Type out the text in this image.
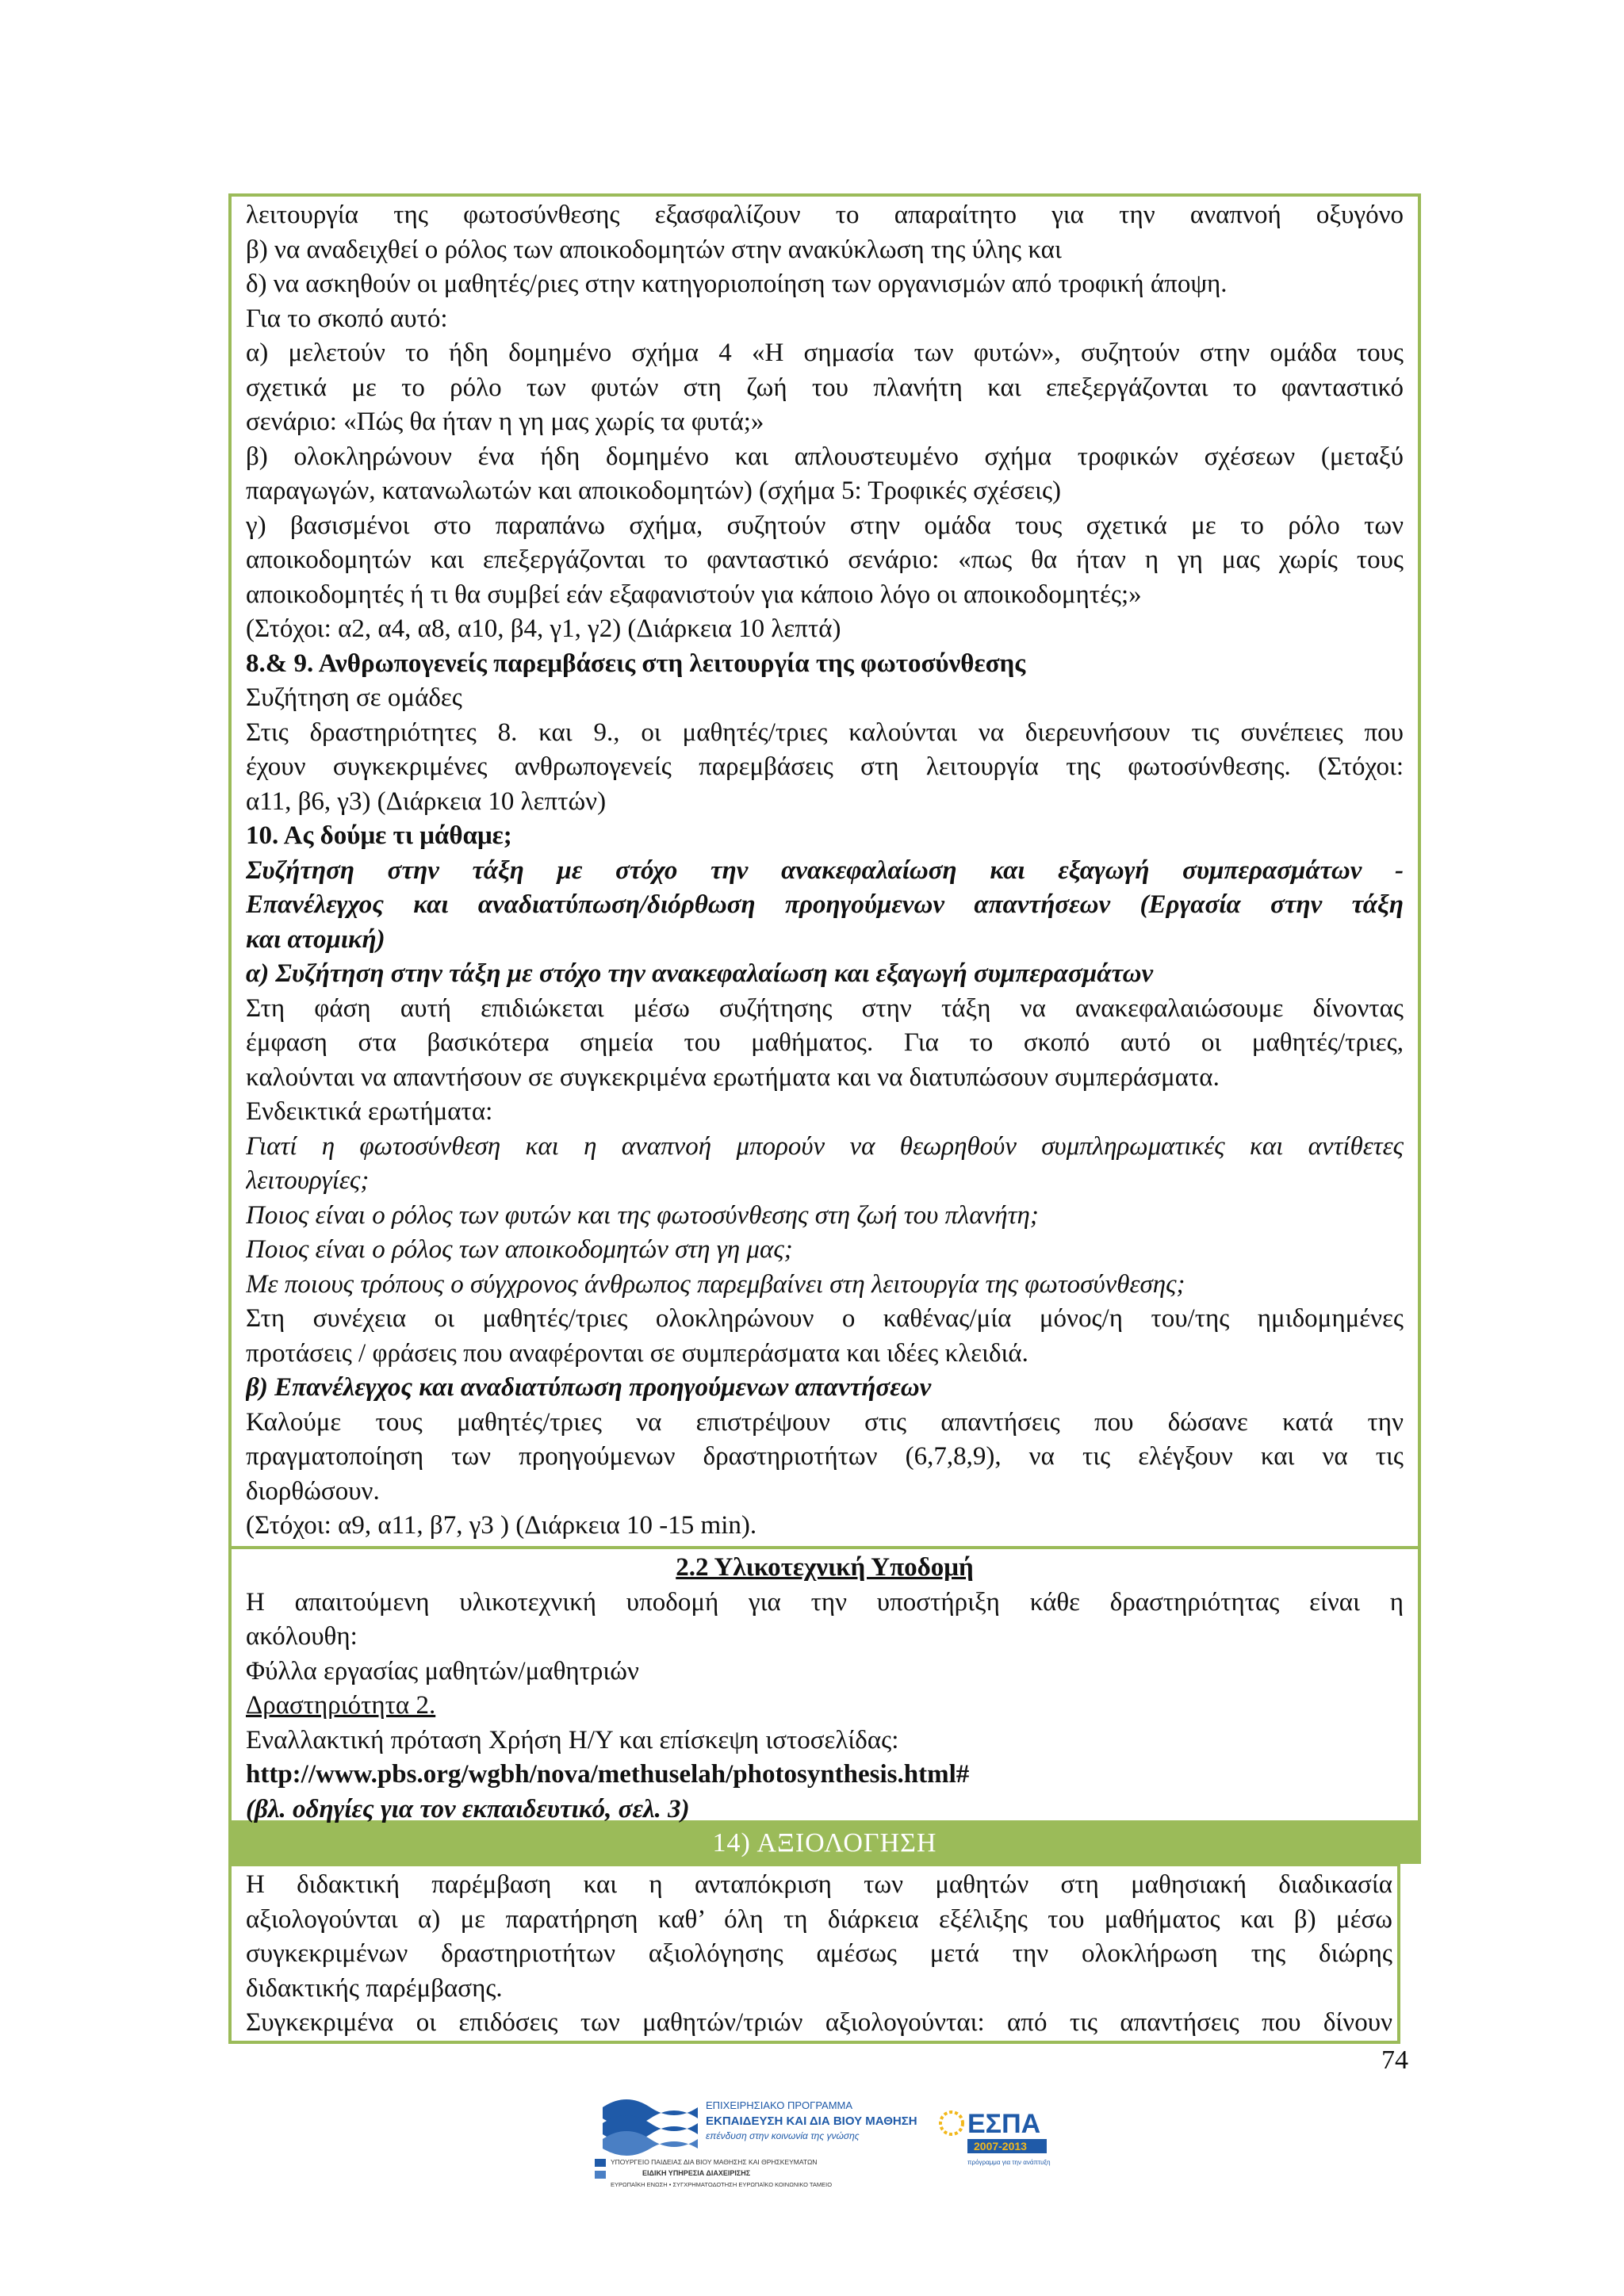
14) ΑΞΙΟΛΟΓΗΣΗ
λειτουργία της φωτοσύνθεσης εξασφαλίζουν το απαραίτητο για την αναπνοή οξυγόνο
β) να αναδειχθεί ο ρόλος των αποικοδομητών στην ανακύκλωση της ύλης και
δ) να ασκηθούν οι μαθητές/ριες στην κατηγοριοποίηση των οργανισμών από τροφική άποψη.
Για το σκοπό αυτό:
α) μελετούν το ήδη δομημένο σχήμα 4 «Η σημασία των φυτών», συζητούν στην ομάδα τους
σχετικά με το ρόλο των φυτών στη ζωή του πλανήτη και επεξεργάζονται το φανταστικό
σενάριο: «Πώς θα ήταν η γη μας χωρίς τα φυτά;»
β) ολοκληρώνουν ένα ήδη δομημένο και απλουστευμένο σχήμα τροφικών σχέσεων (μεταξύ
παραγωγών, κατανωλωτών και αποικοδομητών) (σχήμα 5: Τροφικές σχέσεις)
γ) βασισμένοι στο παραπάνω σχήμα, συζητούν στην ομάδα τους σχετικά με το ρόλο των
αποικοδομητών και επεξεργάζονται το φανταστικό σενάριο: «πως θα ήταν η γη μας χωρίς τους
αποικοδομητές ή τι θα συμβεί εάν εξαφανιστούν για κάποιο λόγο οι αποικοδομητές;»
(Στόχοι: α2, α4, α8, α10, β4, γ1, γ2) (Διάρκεια 10 λεπτά)
8.& 9. Ανθρωπογενείς παρεμβάσεις στη λειτουργία της φωτοσύνθεσης
Συζήτηση σε ομάδες
Στις δραστηριότητες 8. και 9., οι μαθητές/τριες καλούνται να διερευνήσουν τις συνέπειες που
έχουν συγκεκριμένες ανθρωπογενείς παρεμβάσεις στη λειτουργία της φωτοσύνθεσης. (Στόχοι:
α11, β6, γ3) (Διάρκεια 10 λεπτών)
10. Ας δούμε τι μάθαμε;
Συζήτηση στην τάξη με στόχο την ανακεφαλαίωση και εξαγωγή συμπερασμάτων -
Επανέλεγχος και αναδιατύπωση/διόρθωση προηγούμενων απαντήσεων (Εργασία στην τάξη
και ατομική)
α) Συζήτηση στην τάξη με στόχο την ανακεφαλαίωση και εξαγωγή συμπερασμάτων
Στη φάση αυτή επιδιώκεται μέσω συζήτησης στην τάξη να ανακεφαλαιώσουμε δίνοντας
έμφαση στα βασικότερα σημεία του μαθήματος. Για το σκοπό αυτό οι μαθητές/τριες,
καλούνται να απαντήσουν σε συγκεκριμένα ερωτήματα και να διατυπώσουν συμπεράσματα.
Ενδεικτικά ερωτήματα:
Γιατί η φωτοσύνθεση και η αναπνοή μπορούν να θεωρηθούν συμπληρωματικές και αντίθετες
λειτουργίες;
Ποιος είναι ο ρόλος των φυτών και της φωτοσύνθεσης στη ζωή του πλανήτη;
Ποιος είναι ο ρόλος των αποικοδομητών στη γη μας;
Με ποιους τρόπους ο σύγχρονος άνθρωπος παρεμβαίνει στη λειτουργία της φωτοσύνθεσης;
Στη συνέχεια οι μαθητές/τριες ολοκληρώνουν ο καθένας/μία μόνος/η του/της ημιδομημένες
προτάσεις / φράσεις που αναφέρονται σε συμπεράσματα και ιδέες κλειδιά.
β) Επανέλεγχος και αναδιατύπωση προηγούμενων απαντήσεων
Καλούμε τους μαθητές/τριες να επιστρέψουν στις απαντήσεις που δώσανε κατά την
πραγματοποίηση των προηγούμενων δραστηριοτήτων (6,7,8,9), να τις ελέγξουν και να τις
διορθώσουν.
(Στόχοι: α9, α11, β7, γ3 ) (Διάρκεια 10 -15 min).
2.2 Υλικοτεχνική Υποδομή
Η απαιτούμενη υλικοτεχνική υποδομή για την υποστήριξη κάθε δραστηριότητας είναι η
ακόλουθη:
Φύλλα εργασίας μαθητών/μαθητριών
Δραστηριότητα 2.
Εναλλακτική πρόταση Χρήση Η/Υ και επίσκεψη ιστοσελίδας:
http://www.pbs.org/wgbh/nova/methuselah/photosynthesis.html#
(βλ. οδηγίες για τον εκπαιδευτικό, σελ. 3)
Η διδακτική παρέμβαση και η ανταπόκριση των μαθητών στη μαθησιακή διαδικασία
αξιολογούνται α) με παρατήρηση καθ’ όλη τη διάρκεια εξέλιξης του μαθήματος και β) μέσω
συγκεκριμένων δραστηριοτήτων αξιολόγησης αμέσως μετά την ολοκλήρωση της διώρης
διδακτικής παρέμβασης.
Συγκεκριμένα οι επιδόσεις των μαθητών/τριών αξιολογούνται: από τις απαντήσεις που δίνουν
74
ΕΠΙΧΕΙΡΗΣΙΑΚΟ ΠΡΟΓΡΑΜΜΑ
ΕΚΠΑΙΔΕΥΣΗ ΚΑΙ ΔΙΑ ΒΙΟΥ ΜΑΘΗΣΗ
επένδυση στην κοινωνία της γνώσης
ΥΠΟΥΡΓΕΙΟ ΠΑΙΔΕΙΑΣ ΔΙΑ ΒΙΟΥ ΜΑΘΗΣΗΣ ΚΑΙ ΘΡΗΣΚΕΥΜΑΤΩΝ
ΕΙΔΙΚΗ ΥΠΗΡΕΣΙΑ ΔΙΑΧΕΙΡΙΣΗΣ
ΕΥΡΩΠΑΪΚΗ ΕΝΩΣΗ • ΣΥΓΧΡΗΜΑΤΟΔΟΤΗΣΗ ΕΥΡΩΠΑΪΚΟ ΚΟΙΝΩΝΙΚΟ ΤΑΜΕΙΟ
ΕΣΠΑ
2007-2013
πρόγραμμα για την ανάπτυξη
